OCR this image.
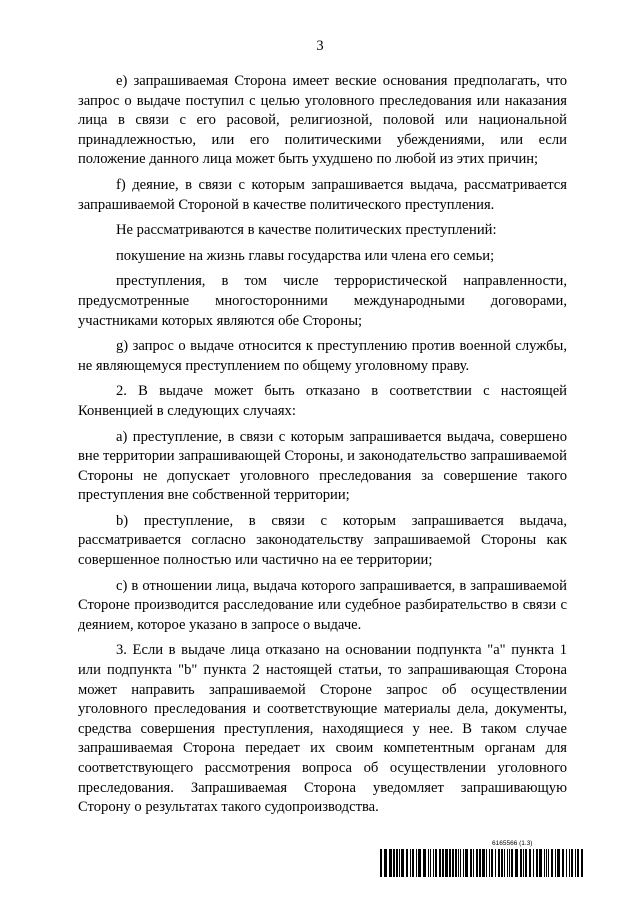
3

e) запрашиваемая Сторона имеет веские основания предполагать, что запрос о выдаче поступил с целью уголовного преследования или наказания лица в связи с его расовой, религиозной, половой или национальной принадлежностью, или его политическими убеждениями, или если положение данного лица может быть ухудшено по любой из этих причин;

f) деяние, в связи с которым запрашивается выдача, рассматривается запрашиваемой Стороной в качестве политического преступления.

Не рассматриваются в качестве политических преступлений:

покушение на жизнь главы государства или члена его семьи;

преступления, в том числе террористической направленности, предусмотренные многосторонними международными договорами, участниками которых являются обе Стороны;

g) запрос о выдаче относится к преступлению против военной службы, не являющемуся преступлением по общему уголовному праву.

2. В выдаче может быть отказано в соответствии с настоящей Конвенцией в следующих случаях:

a) преступление, в связи с которым запрашивается выдача, совершено вне территории запрашивающей Стороны, и законодательство запрашиваемой Стороны не допускает уголовного преследования за совершение такого преступления вне собственной территории;

b) преступление, в связи с которым запрашивается выдача, рассматривается согласно законодательству запрашиваемой Стороны как совершенное полностью или частично на ее территории;

c) в отношении лица, выдача которого запрашивается, в запрашиваемой Стороне производится расследование или судебное разбирательство в связи с деянием, которое указано в запросе о выдаче.

3. Если в выдаче лица отказано на основании подпункта "a" пункта 1 или подпункта "b" пункта 2 настоящей статьи, то запрашивающая Сторона может направить запрашиваемой Стороне запрос об осуществлении уголовного преследования и соответствующие материалы дела, документы, средства совершения преступления, находящиеся у нее. В таком случае запрашиваемая Сторона передает их своим компетентным органам для соответствующего рассмотрения вопроса об осуществлении уголовного преследования. Запрашиваемая Сторона уведомляет запрашивающую Сторону о результатах такого судопроизводства.

6165566 (1.3)
